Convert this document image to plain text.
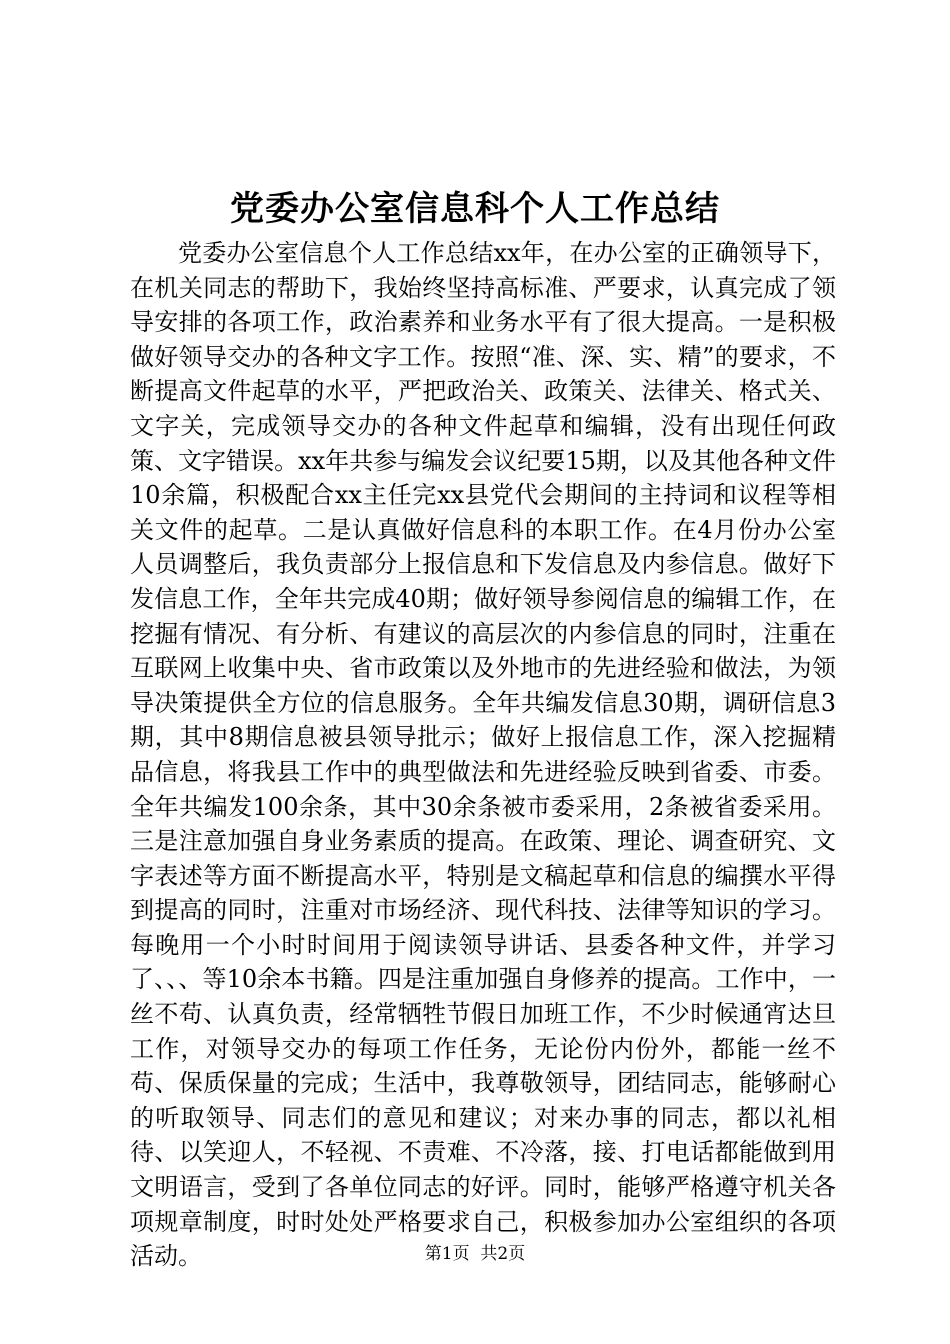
党委办公室信息科个人工作总结

党委办公室信息个人工作总结xx年，在办公室的正确领导下，在机关同志的帮助下，我始终坚持高标准、严要求，认真完成了领导安排的各项工作，政治素养和业务水平有了很大提高。一是积极做好领导交办的各种文字工作。按照“准、深、实、精”的要求，不断提高文件起草的水平，严把政治关、政策关、法律关、格式关、文字关，完成领导交办的各种文件起草和编辑，没有出现任何政策、文字错误。xx年共参与编发会议纪要15期，以及其他各种文件10余篇，积极配合xx主任完xx县党代会期间的主持词和议程等相关文件的起草。二是认真做好信息科的本职工作。在4月份办公室人员调整后，我负责部分上报信息和下发信息及内参信息。做好下发信息工作，全年共完成40期；做好领导参阅信息的编辑工作，在挖掘有情况、有分析、有建议的高层次的内参信息的同时，注重在互联网上收集中央、省市政策以及外地市的先进经验和做法，为领导决策提供全方位的信息服务。全年共编发信息30期，调研信息3期，其中8期信息被县领导批示；做好上报信息工作，深入挖掘精品信息，将我县工作中的典型做法和先进经验反映到省委、市委。全年共编发100余条，其中30余条被市委采用，2条被省委采用。三是注意加强自身业务素质的提高。在政策、理论、调查研究、文字表述等方面不断提高水平，特别是文稿起草和信息的编撰水平得到提高的同时，注重对市场经济、现代科技、法律等知识的学习。每晚用一个小时时间用于阅读领导讲话、县委各种文件，并学习了、、、等10余本书籍。四是注重加强自身修养的提高。工作中，一丝不苟、认真负责，经常牺牲节假日加班工作，不少时候通宵达旦工作，对领导交办的每项工作任务，无论份内份外，都能一丝不苟、保质保量的完成；生活中，我尊敬领导，团结同志，能够耐心的听取领导、同志们的意见和建议；对来办事的同志，都以礼相待、以笑迎人，不轻视、不责难、不冷落，接、打电话都能做到用文明语言，受到了各单位同志的好评。同时，能够严格遵守机关各项规章制度，时时处处严格要求自己，积极参加办公室组织的各项活动。	第1页 共2页
